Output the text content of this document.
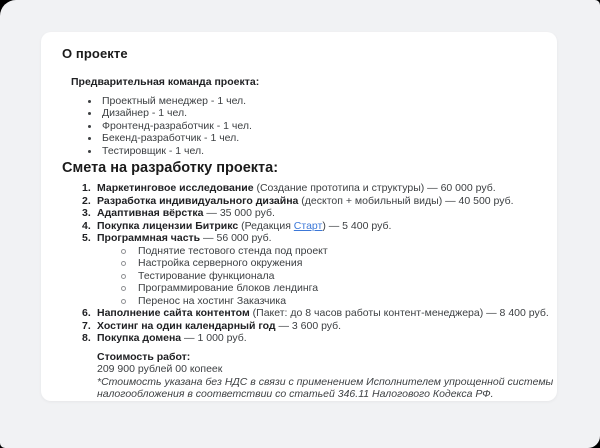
О проекте
Предварительная команда проекта:
Проектный менеджер - 1 чел.
Дизайнер - 1 чел.
Фронтенд-разработчик - 1 чел.
Бекенд-разработчик - 1 чел.
Тестировщик - 1 чел.
Смета на разработку проекта:
1. Маркетинговое исследование (Создание прототипа и структуры) — 60 000 руб.
2. Разработка индивидуального дизайна (десктоп + мобильный виды) — 40 500 руб.
3. Адаптивная вёрстка — 35 000 руб.
4. Покупка лицензии Битрикс (Редакция Старт) — 5 400 руб.
5. Программная часть — 56 000 руб.
Поднятие тестового стенда под проект
Настройка серверного окружения
Тестирование функционала
Программирование блоков лендинга
Перенос на хостинг Заказчика
6. Наполнение сайта контентом (Пакет: до 8 часов работы контент-менеджера) — 8 400 руб.
7. Хостинг на один календарный год — 3 600 руб.
8. Покупка домена — 1 000 руб.
Стоимость работ:
209 900 рублей 00 копеек
*Стоимость указана без НДС в связи с применением Исполнителем упрощенной системы
налогообложения в соответствии со статьей 346.11 Налогового Кодекса РФ.
